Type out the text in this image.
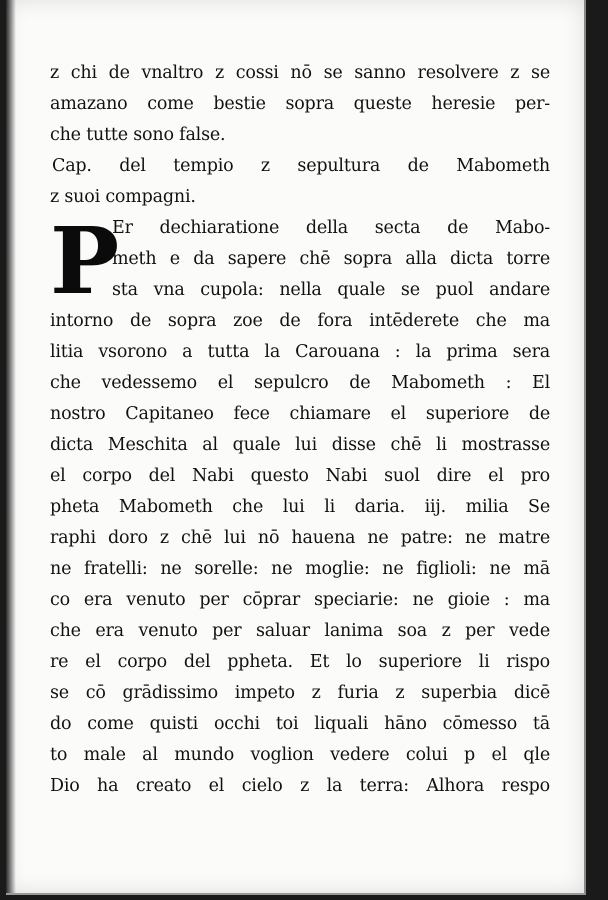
z chi de vnaltro z cossi nō se sanno resolvere z se
amazano come bestie sopra queste heresie per-
che tutte sono false.
Cap. del tempio z sepultura de Mabometh
z suoi compagni.
P
Er dechiaratione della secta de Mabo-
meth e da sapere chē sopra alla dicta torre
sta vna cupola: nella quale se puol andare
intorno de sopra zoe de fora intēderete che ma
litia vsorono a tutta la Carouana : la prima sera
che vedessemo el sepulcro de Mabometh : El
nostro Capitaneo fece chiamare el superiore de
dicta Meschita al quale lui disse chē li mostrasse
el corpo del Nabi questo Nabi suol dire el pro
pheta Mabometh che lui li daria. iij. milia Se
raphi doro z chē lui nō hauena ne patre: ne matre
ne fratelli: ne sorelle: ne moglie: ne figlioli: ne mā
co era venuto per cōprar speciarie: ne gioie : ma
che era venuto per saluar lanima soa z per vede
re el corpo del ppheta. Et lo superiore li rispo
se cō grādissimo impeto z furia z superbia dicē
do come quisti occhi toi liquali hāno cōmesso tā
to male al mundo voglion vedere colui p el qle
Dio ha creato el cielo z la terra: Alhora respo
